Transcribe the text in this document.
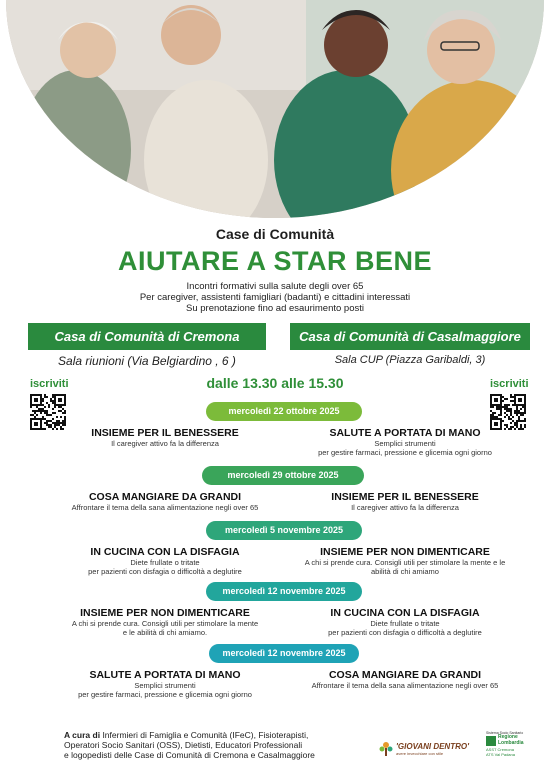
Case di Comunità
AIUTARE A STAR BENE
Incontri formativi sulla salute degli over 65
Per caregiver, assistenti famigliari (badanti) e cittadini interessati
Su prenotazione fino ad esaurimento posti
Casa di Comunità di Cremona	Casa di Comunità di Casalmaggiore
Sala riunioni (Via Belgiardino , 6 )	Sala CUP (Piazza Garibaldi, 3)
iscriviti	iscriviti
dalle 13.30 alle 15.30
mercoledì 22 ottobre 2025
INSIEME PER IL BENESSERE
Il caregiver attivo fa la differenza
SALUTE A PORTATA DI MANO
Semplici strumenti
per gestire farmaci, pressione e glicemia ogni giorno
mercoledì 29 ottobre 2025
COSA MANGIARE DA GRANDI
Affrontare il tema della sana alimentazione negli over 65
INSIEME PER IL BENESSERE
Il caregiver attivo fa la differenza
mercoledì 5 novembre 2025
IN CUCINA CON LA DISFAGIA
Diete frullate o tritate
per pazienti con disfagia o difficoltà a deglutire
INSIEME PER NON DIMENTICARE
A chi si prende cura. Consigli utili per stimolare la mente e le
abilità di chi amiamo
mercoledì 12 novembre 2025
INSIEME PER NON DIMENTICARE
A chi si prende cura. Consigli utili per stimolare la mente
e le abilità di chi amiamo.
IN CUCINA CON LA DISFAGIA
Diete frullate o tritate
per pazienti con disfagia o difficoltà a deglutire
mercoledì 12 novembre 2025
SALUTE A PORTATA DI MANO
Semplici strumenti
per gestire farmaci, pressione e glicemia ogni giorno
COSA MANGIARE DA GRANDI
Affrontare il tema della sana alimentazione negli over 65
A cura di Infermieri di Famiglia e Comunità (IFeC), Fisioterapisti,
Operatori Socio Sanitari (OSS), Dietisti, Educatori Professionali
e logopedisti delle Case di Comunità di Cremona e Casalmaggiore
'GIOVANI DENTRO'
avere invecchiare con stile
Sistema Socio Sanitario
Regione
Lombardia
ASST Cremona
ATS Val Padana
